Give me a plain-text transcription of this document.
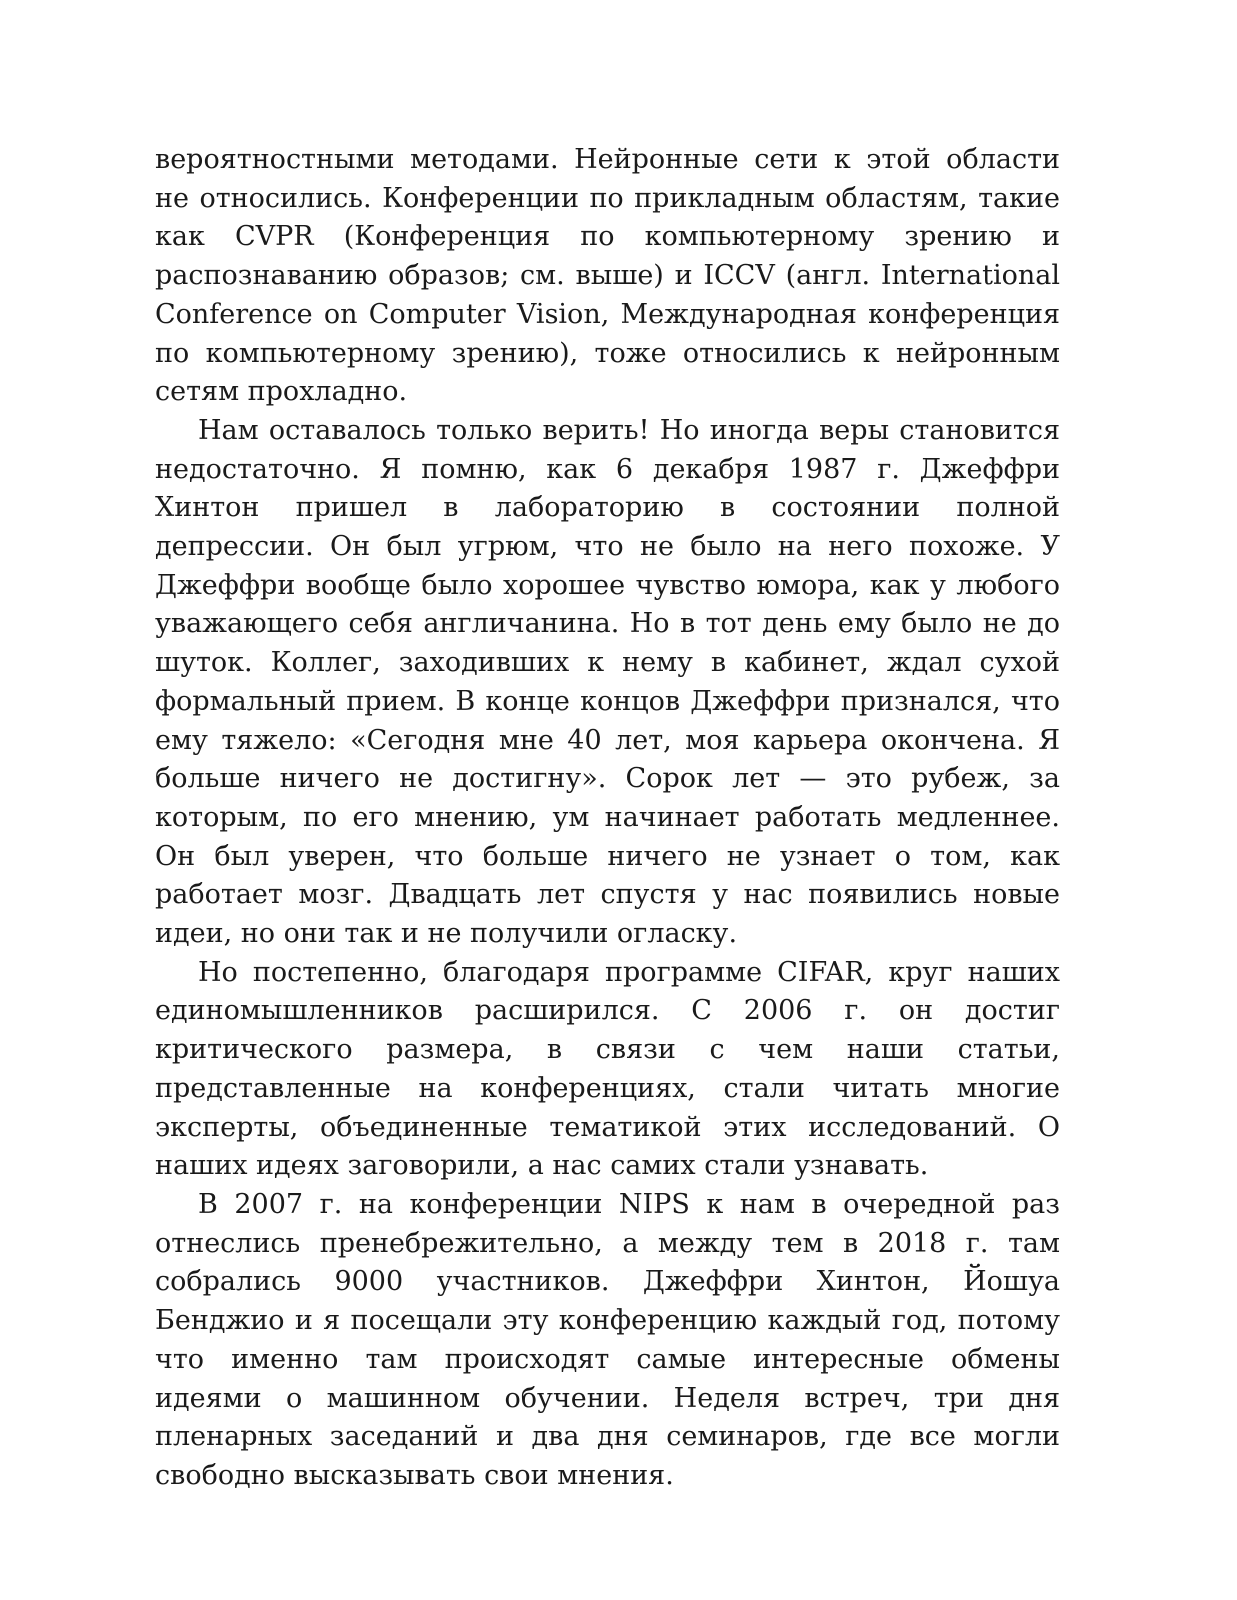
вероятностными методами. Нейронные сети к этой области не относились. Конференции по прикладным областям, такие как CVPR (Конференция по компьютерному зрению и распознаванию образов; см. выше) и ICCV (англ. International Conference on Computer Vision, Международная конференция по компьютерному зрению), тоже относились к нейронным сетям прохладно.

Нам оставалось только верить! Но иногда веры становится недостаточно. Я помню, как 6 декабря 1987 г. Джеффри Хинтон пришел в лабораторию в состоянии полной депрессии. Он был угрюм, что не было на него похоже. У Джеффри вообще было хорошее чувство юмора, как у любого уважающего себя англичанина. Но в тот день ему было не до шуток. Коллег, заходивших к нему в кабинет, ждал сухой формальный прием. В конце концов Джеффри признался, что ему тяжело: «Сегодня мне 40 лет, моя карьера окончена. Я больше ничего не достигну». Сорок лет — это рубеж, за которым, по его мнению, ум начинает работать медленнее. Он был уверен, что больше ничего не узнает о том, как работает мозг. Двадцать лет спустя у нас появились новые идеи, но они так и не получили огласку.

Но постепенно, благодаря программе CIFAR, круг наших единомышленников расширился. С 2006 г. он достиг критического размера, в связи с чем наши статьи, представленные на конференциях, стали читать многие эксперты, объединенные тематикой этих исследований. О наших идеях заговорили, а нас самих стали узнавать.

В 2007 г. на конференции NIPS к нам в очередной раз отнеслись пренебрежительно, а между тем в 2018 г. там собрались 9000 участников. Джеффри Хинтон, Йошуа Бенджио и я посещали эту конференцию каждый год, потому что именно там происходят самые интересные обмены идеями о машинном обучении. Неделя встреч, три дня пленарных заседаний и два дня семинаров, где все могли свободно высказывать свои мнения.
